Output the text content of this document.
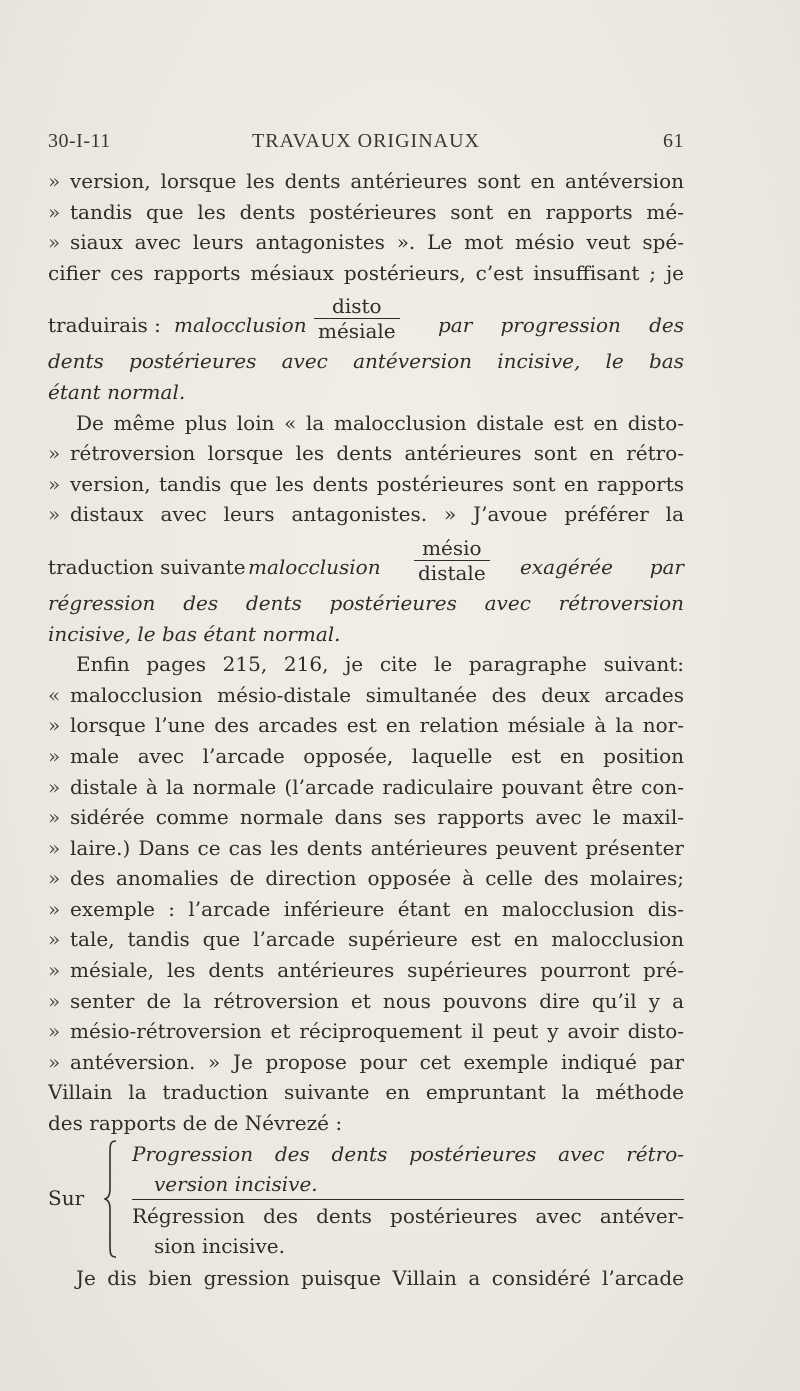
30-I-11	TRAVAUX ORIGINAUX	61
» version, lorsque les dents antérieures sont en antéversion
» tandis que les dents postérieures sont en rapports mé-
» siaux avec leurs antagonistes ». Le mot mésio veut spé-
cifier ces rapports mésiaux postérieurs, c’est insuffisant ; je
traduirais : malocclusion
disto
mésiale par progression des
dents postérieures avec antéversion incisive, le bas
étant normal.
De même plus loin « la malocclusion distale est en disto-
» rétroversion lorsque les dents antérieures sont en rétro-
» version, tandis que les dents postérieures sont en rapports
» distaux avec leurs antagonistes. » J’avoue préférer la
traduction suivante malocclusion
mésio
distale exagérée par
régression des dents postérieures avec rétroversion
incisive, le bas étant normal.
Enfin pages 215, 216, je cite le paragraphe suivant:
« malocclusion mésio-distale simultanée des deux arcades
» lorsque l’une des arcades est en relation mésiale à la nor-
» male avec l’arcade opposée, laquelle est en position
» distale à la normale (l’arcade radiculaire pouvant être con-
» sidérée comme normale dans ses rapports avec le maxil-
» laire.) Dans ce cas les dents antérieures peuvent présenter
» des anomalies de direction opposée à celle des molaires;
» exemple : l’arcade inférieure étant en malocclusion dis-
» tale, tandis que l’arcade supérieure est en malocclusion
» mésiale, les dents antérieures supérieures pourront pré-
» senter de la rétroversion et nous pouvons dire qu’il y a
» mésio-rétroversion et réciproquement il peut y avoir disto-
» antéversion. » Je propose pour cet exemple indiqué par
Villain la traduction suivante en empruntant la méthode
des rapports de de Névrezé :
Sur
Progression des dents postérieures avec rétro-
version incisive.
Régression des dents postérieures avec antéver-
sion incisive.
Je dis bien gression puisque Villain a considéré l’arcade
